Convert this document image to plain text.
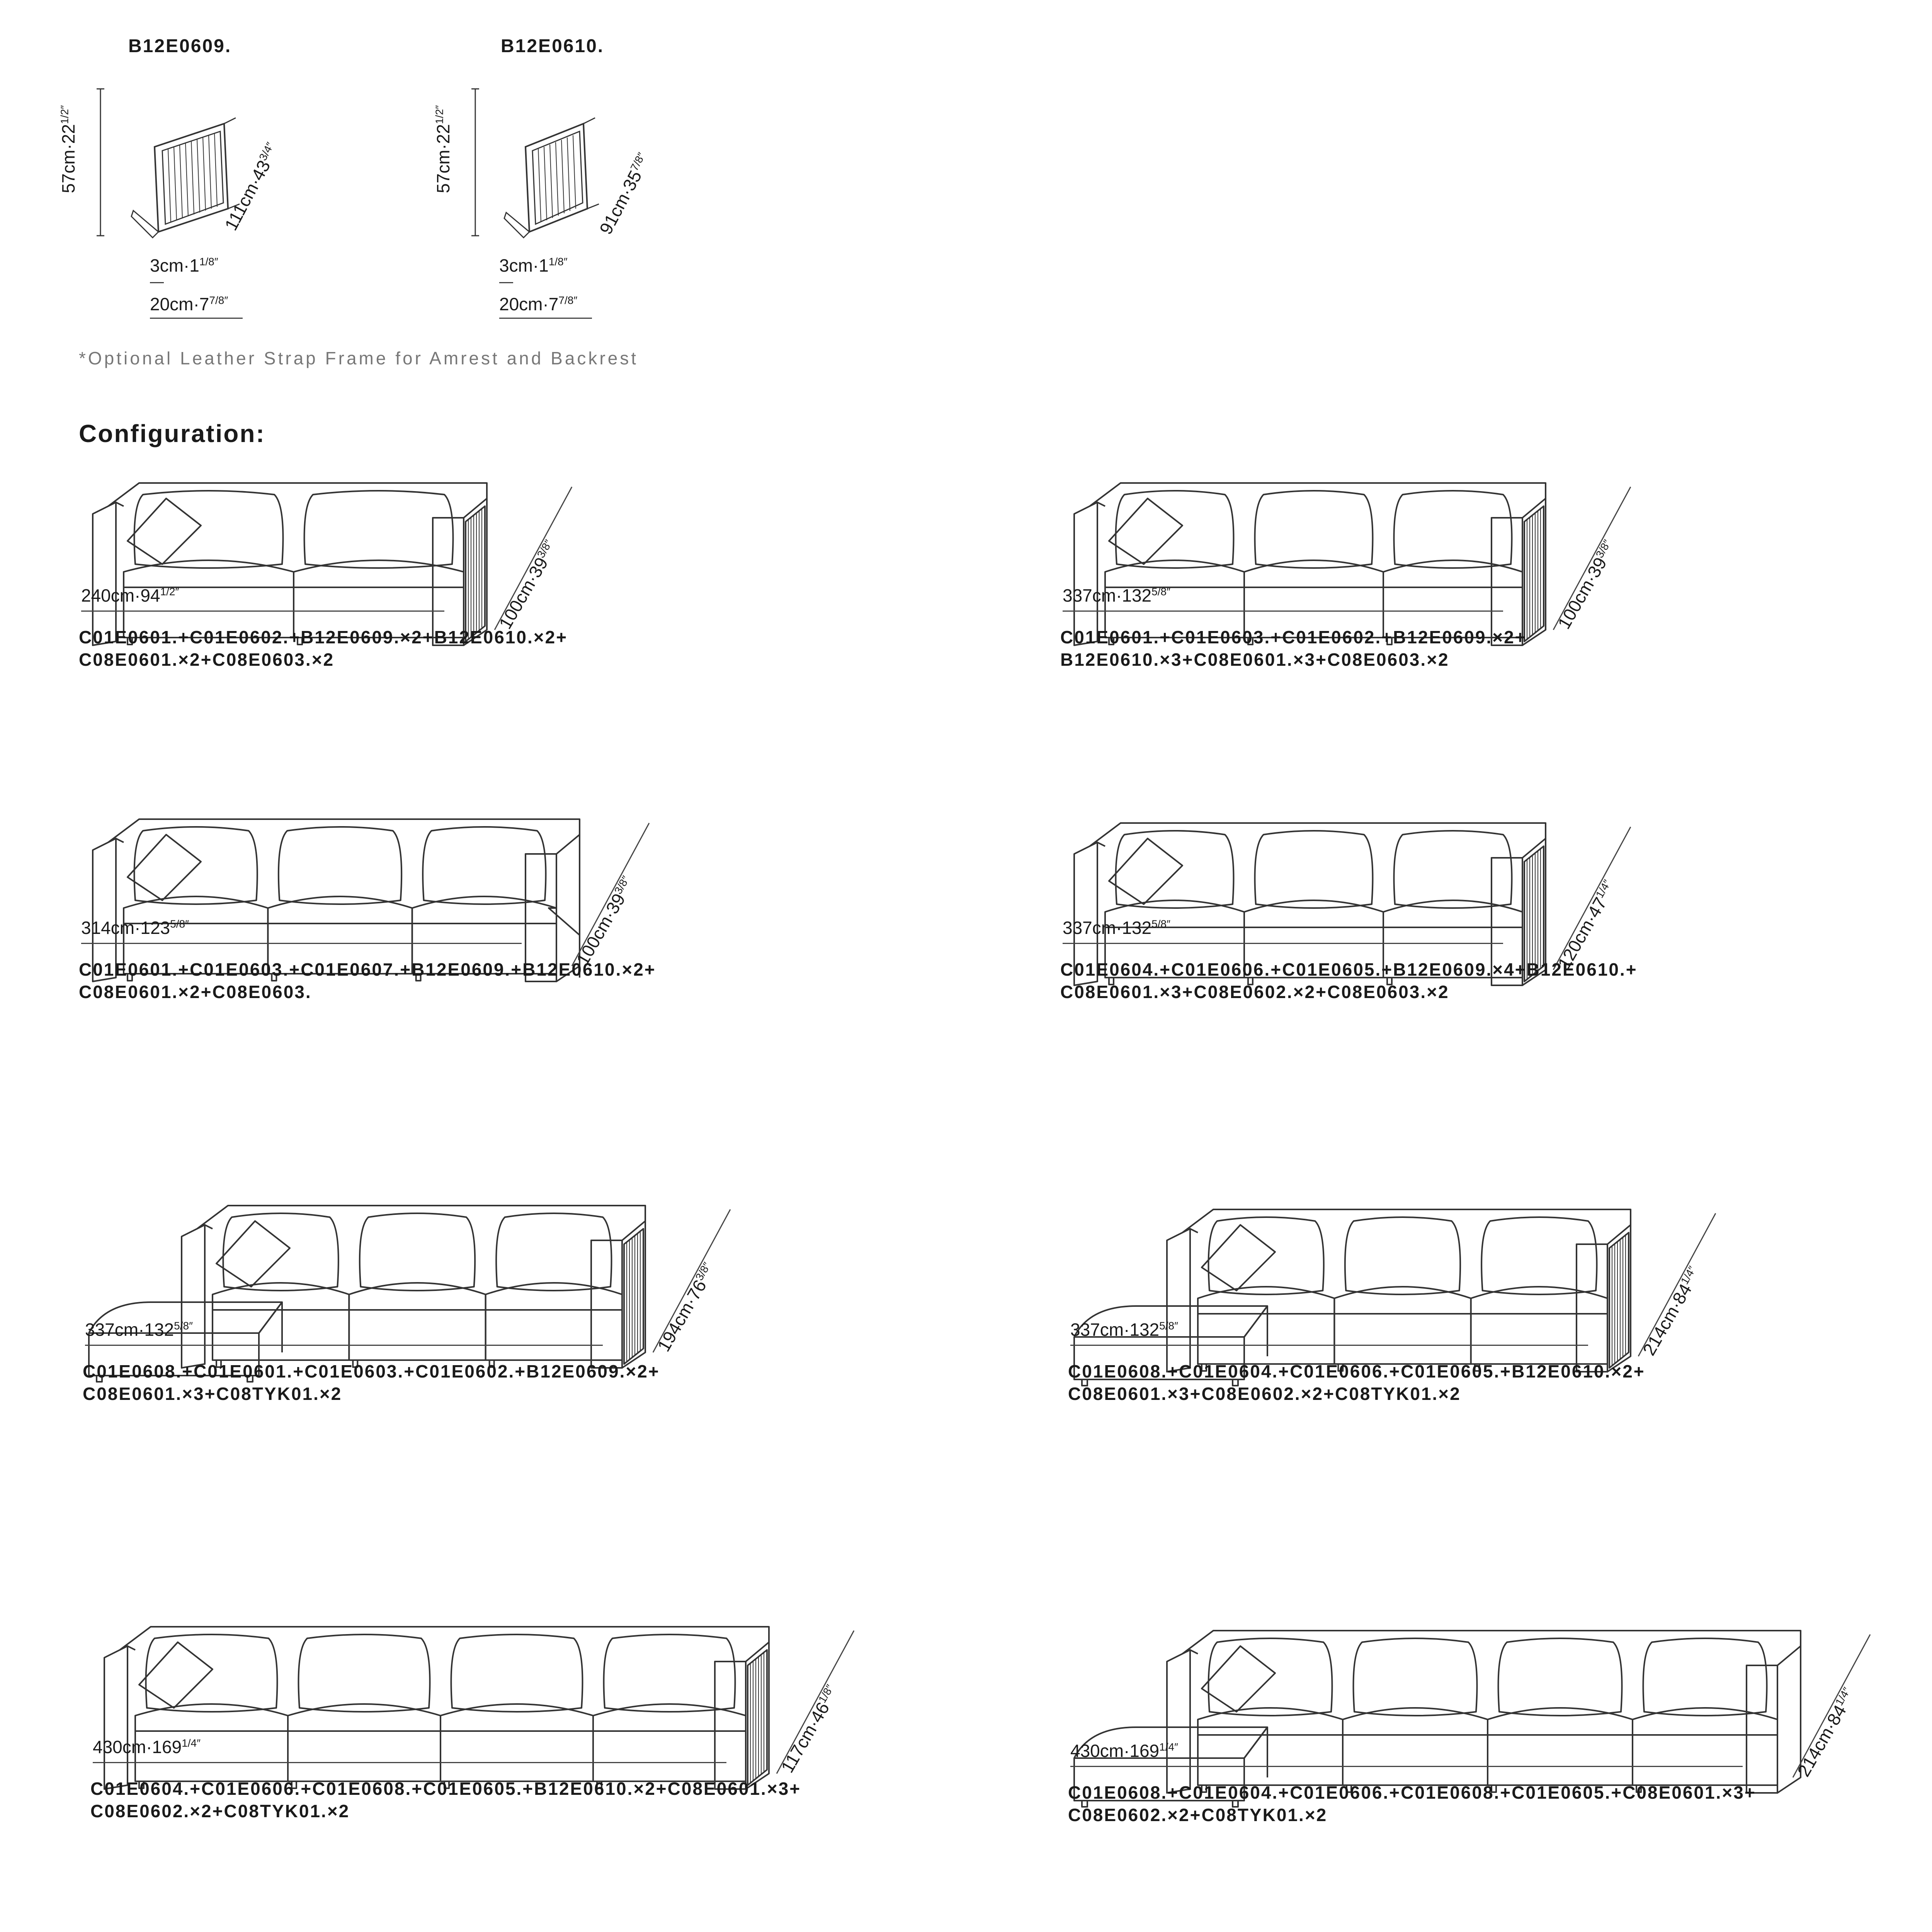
B12E0609.
$57cm\cdot 22^{1/2''}$
$111cm\cdot 43^{3/4''}$
$3cm\cdot 1^{1/8''}$
$20cm\cdot 7^{7/8''}$
B12E0610.
$57cm\cdot 22^{1/2''}$
$91cm\cdot 35^{7/8''}$
$3cm\cdot 1^{1/8''}$
$20cm\cdot 7^{7/8''}$
*Optional Leather Strap Frame for Amrest and Backrest
Configuration:
$100cm\cdot 39^{3/8''}$
$240cm\cdot 94^{1/2''}$
C01E0601.+C01E0602.+B12E0609.×2+B12E0610.×2+
C08E0601.×2+C08E0603.×2
$100cm\cdot 39^{3/8''}$
$337cm\cdot 132^{5/8''}$
C01E0601.+C01E0603.+C01E0602.+B12E0609.×2+
B12E0610.×3+C08E0601.×3+C08E0603.×2
$100cm\cdot 39^{3/8''}$
$314cm\cdot 123^{5/8''}$
C01E0601.+C01E0603.+C01E0607.+B12E0609.+B12E0610.×2+
C08E0601.×2+C08E0603.
$120cm\cdot 47^{1/4''}$
$337cm\cdot 132^{5/8''}$
C01E0604.+C01E0606.+C01E0605.+B12E0609.×4+B12E0610.+
C08E0601.×3+C08E0602.×2+C08E0603.×2
$194cm\cdot 76^{3/8''}$
$337cm\cdot 132^{5/8''}$
C01E0608.+C01E0601.+C01E0603.+C01E0602.+B12E0609.×2+
C08E0601.×3+C08TYK01.×2
$214cm\cdot 84^{1/4''}$
$337cm\cdot 132^{5/8''}$
C01E0608.+C01E0604.+C01E0606.+C01E0605.+B12E0610.×2+
C08E0601.×3+C08E0602.×2+C08TYK01.×2
$117cm\cdot 46^{1/8''}$
$430cm\cdot 169^{1/4''}$
C01E0604.+C01E0606.+C01E0608.+C01E0605.+B12E0610.×2+C08E0601.×3+
C08E0602.×2+C08TYK01.×2
$214cm\cdot 84^{1/4''}$
$430cm\cdot 169^{1/4''}$
C01E0608.+C01E0604.+C01E0606.+C01E0608.+C01E0605.+C08E0601.×3+
C08E0602.×2+C08TYK01.×2
